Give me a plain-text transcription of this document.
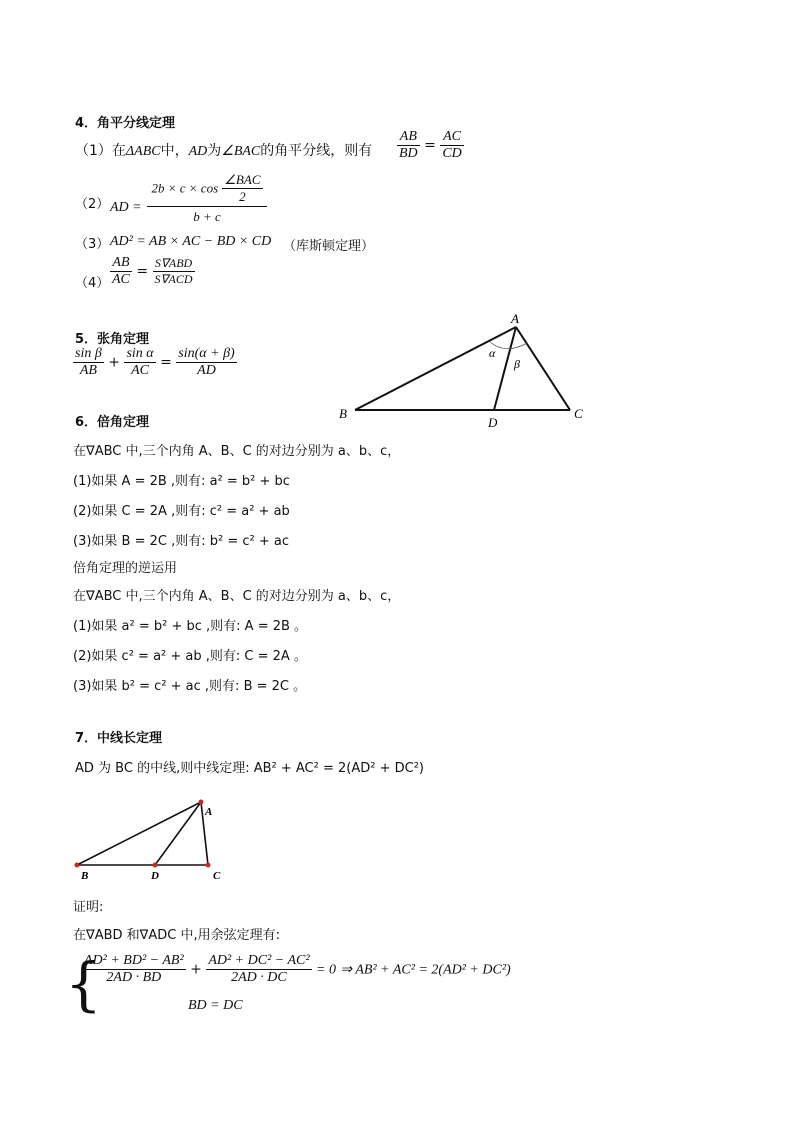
4．角平分线定理
（1）在ΔABC中，AD为∠BAC的角平分线，则有 $\frac{AB}{BD} = \frac{AC}{CD}$
（2） AD =
$2b \times c \times \cos \frac{\text{∠BAC}}{2}$
b + c
（3） AD² = AB × AC − BD × CD （库斯顿定理）
$(4) \frac{AB}{AC} = \frac{\text{S∇ABD}}{\text{S∇ACD}}$
5．张角定理
$\frac{\text{sin β}}{AB} + \frac{\text{sin α}}{AC} = \frac{\sin(\alpha + \beta)}{AD}$
A
B	C
D
α
β
6．倍角定理
在∇ABC 中,三个内角 A、B、C 的对边分别为 a、b、c，
(1)如果 A = 2B ,则有: a² = b² + bc
(2)如果 C = 2A ,则有: c² = a² + ab
(3)如果 B = 2C ,则有: b² = c² + ac
倍角定理的逆运用
在∇ABC 中,三个内角 A、B、C 的对边分别为 a、b、c，
(1)如果 a² = b² + bc ,则有: A = 2B 。
(2)如果 c² = a² + ab ,则有: C = 2A 。
(3)如果 b² = c² + ac ,则有: B = 2C 。
7．中线长定理
AD 为 BC 的中线,则中线定理: AB² + AC² = 2(AD² + DC²)
A
B	D	C
证明:
在∇ABD 和∇ADC 中,用余弦定理有:
{
$\frac{\text{AD² + BD² − AB²}}{2AD \cdot BD} + \frac{\text{AD² + DC² − AC²}}{2AD \cdot DC} = 0$ ⇒ AB² + AC² = 2(AD² + DC²)
BD = DC
